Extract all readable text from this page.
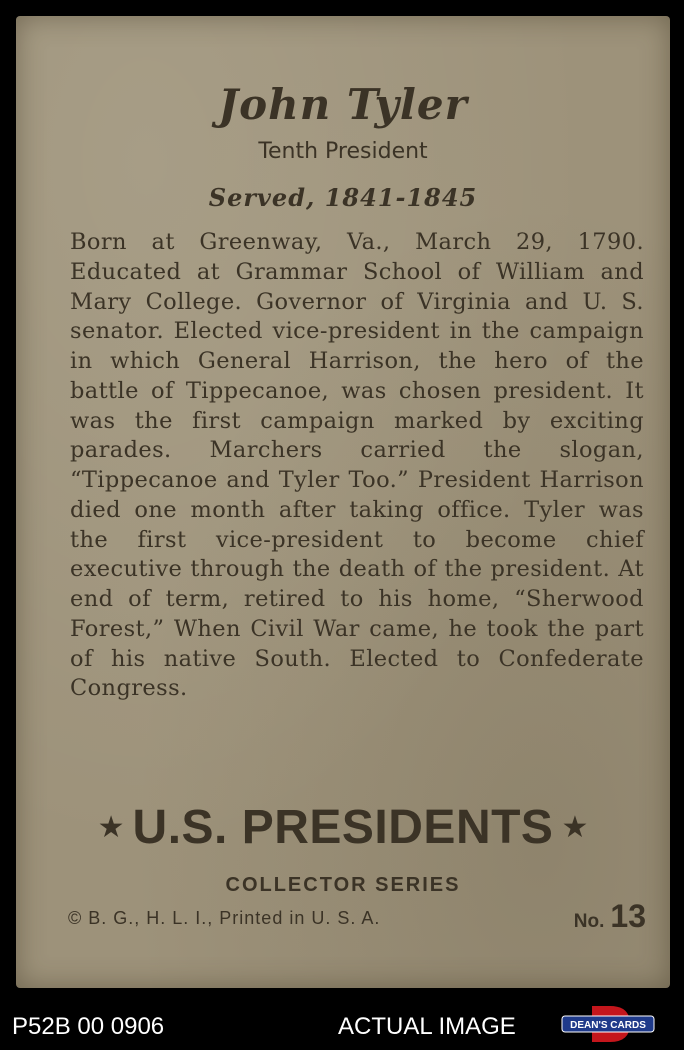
John Tyler
Tenth President
Served, 1841-1845
Born at Greenway, Va., March 29, 1790. Educated at Grammar School of William and Mary College. Governor of Virginia and U. S. senator. Elected vice-president in the campaign in which General Harrison, the hero of the battle of Tippecanoe, was chosen president. It was the first campaign marked by exciting parades. Marchers carried the slogan, “Tippecanoe and Tyler Too.” President Harrison died one month after taking office. Tyler was the first vice-president to become chief executive through the death of the president. At end of term, retired to his home, “Sherwood Forest,” When Civil War came, he took the part of his native South. Elected to Confederate Congress.
★ U.S. PRESIDENTS ★
COLLECTOR SERIES
© B. G., H. L. I., Printed in U. S. A.	No. 13
P52B 00 0906	ACTUAL IMAGE	DEAN'S CARDS
